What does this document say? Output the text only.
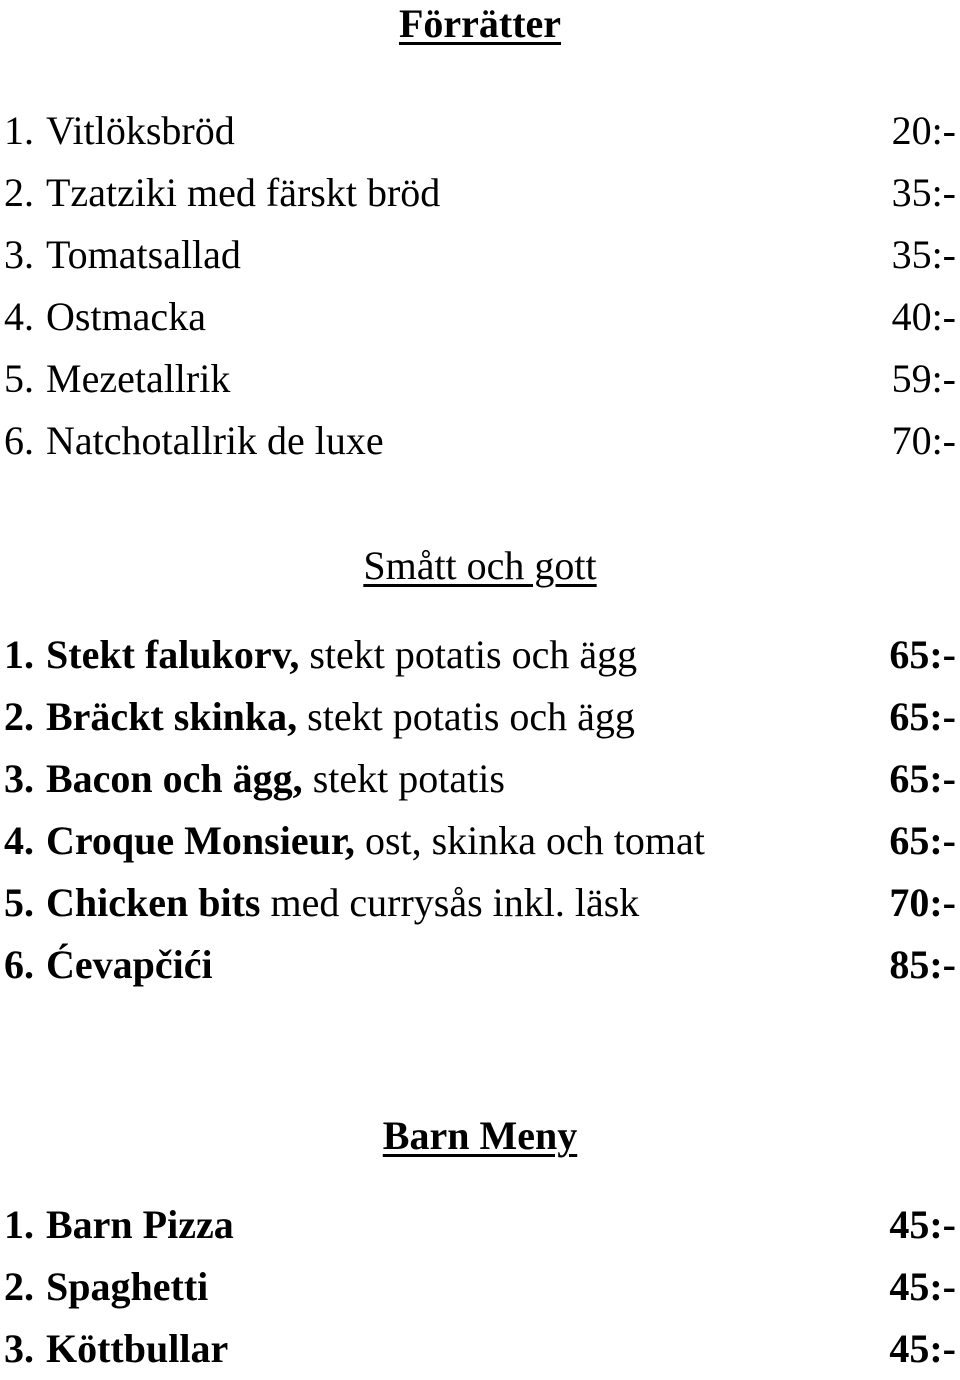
Förrätter
1. Vitlöksbröd	20:-
2. Tzatziki med färskt bröd	35:-
3. Tomatsallad	35:-
4. Ostmacka	40:-
5. Mezetallrik	59:-
6. Natchotallrik de luxe	70:-
Smått och gott
1. Stekt falukorv, stekt potatis och ägg	65:-
2. Bräckt skinka, stekt potatis och ägg	65:-
3. Bacon och ägg, stekt potatis	65:-
4. Croque Monsieur, ost, skinka och tomat	65:-
5. Chicken bits med currysås inkl. läsk	70:-
6. Ćevapčići	85:-
Barn Meny
1. Barn Pizza	45:-
2. Spaghetti	45:-
3. Köttbullar	45:-
